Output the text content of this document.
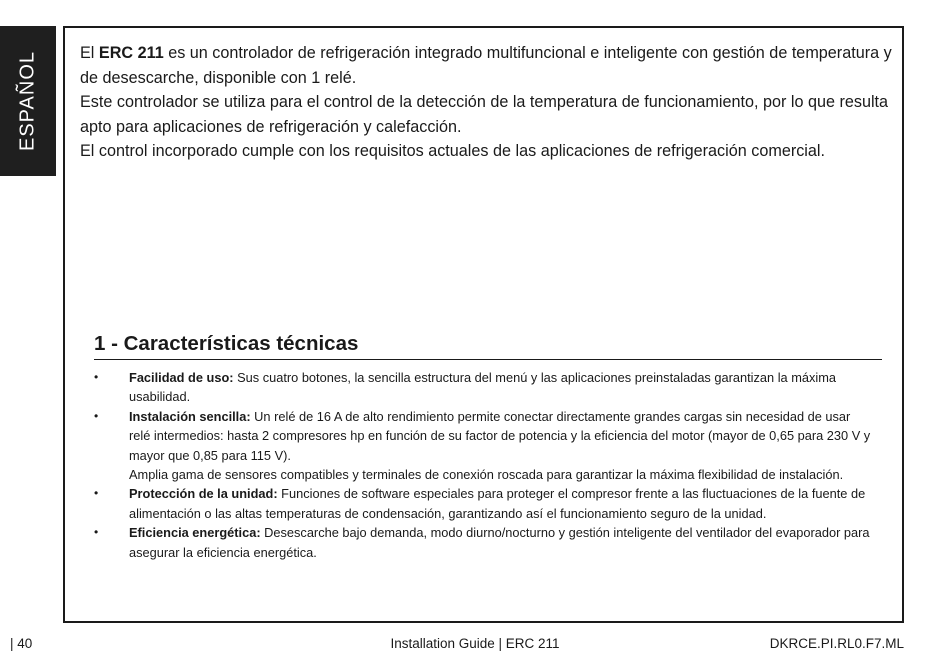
ESPAÑOL	El ERC 211 es un controlador de refrigeración integrado multifuncional e inteligente con gestión de temperatura y de desescarche, disponible con 1 relé.

Este controlador se utiliza para el control de la detección de la temperatura de funcionamiento, por lo que resulta apto para aplicaciones de refrigeración y calefacción.

El control incorporado cumple con los requisitos actuales de las aplicaciones de refrigeración comercial.

1 - Características técnicas
• Facilidad de uso: Sus cuatro botones, la sencilla estructura del menú y las aplicaciones preinstaladas garantizan la máxima usabilidad.
• Instalación sencilla: Un relé de 16 A de alto rendimiento permite conectar directamente grandes cargas sin necesidad de usar relé intermedios: hasta 2 compresores hp en función de su factor de potencia y la eficiencia del motor (mayor de 0,65 para 230 V y mayor que 0,85 para 115 V).
Amplia gama de sensores compatibles y terminales de conexión roscada para garantizar la máxima flexibilidad de instalación.
• Protección de la unidad: Funciones de software especiales para proteger el compresor frente a las fluctuaciones de la fuente de alimentación o las altas temperaturas de condensación, garantizando así el funcionamiento seguro de la unidad.
• Eficiencia energética: Desescarche bajo demanda, modo diurno/nocturno y gestión inteligente del ventilador del evaporador para asegurar la eficiencia energética.
| 40	Installation Guide | ERC 211	DKRCE.PI.RL0.F7.ML
